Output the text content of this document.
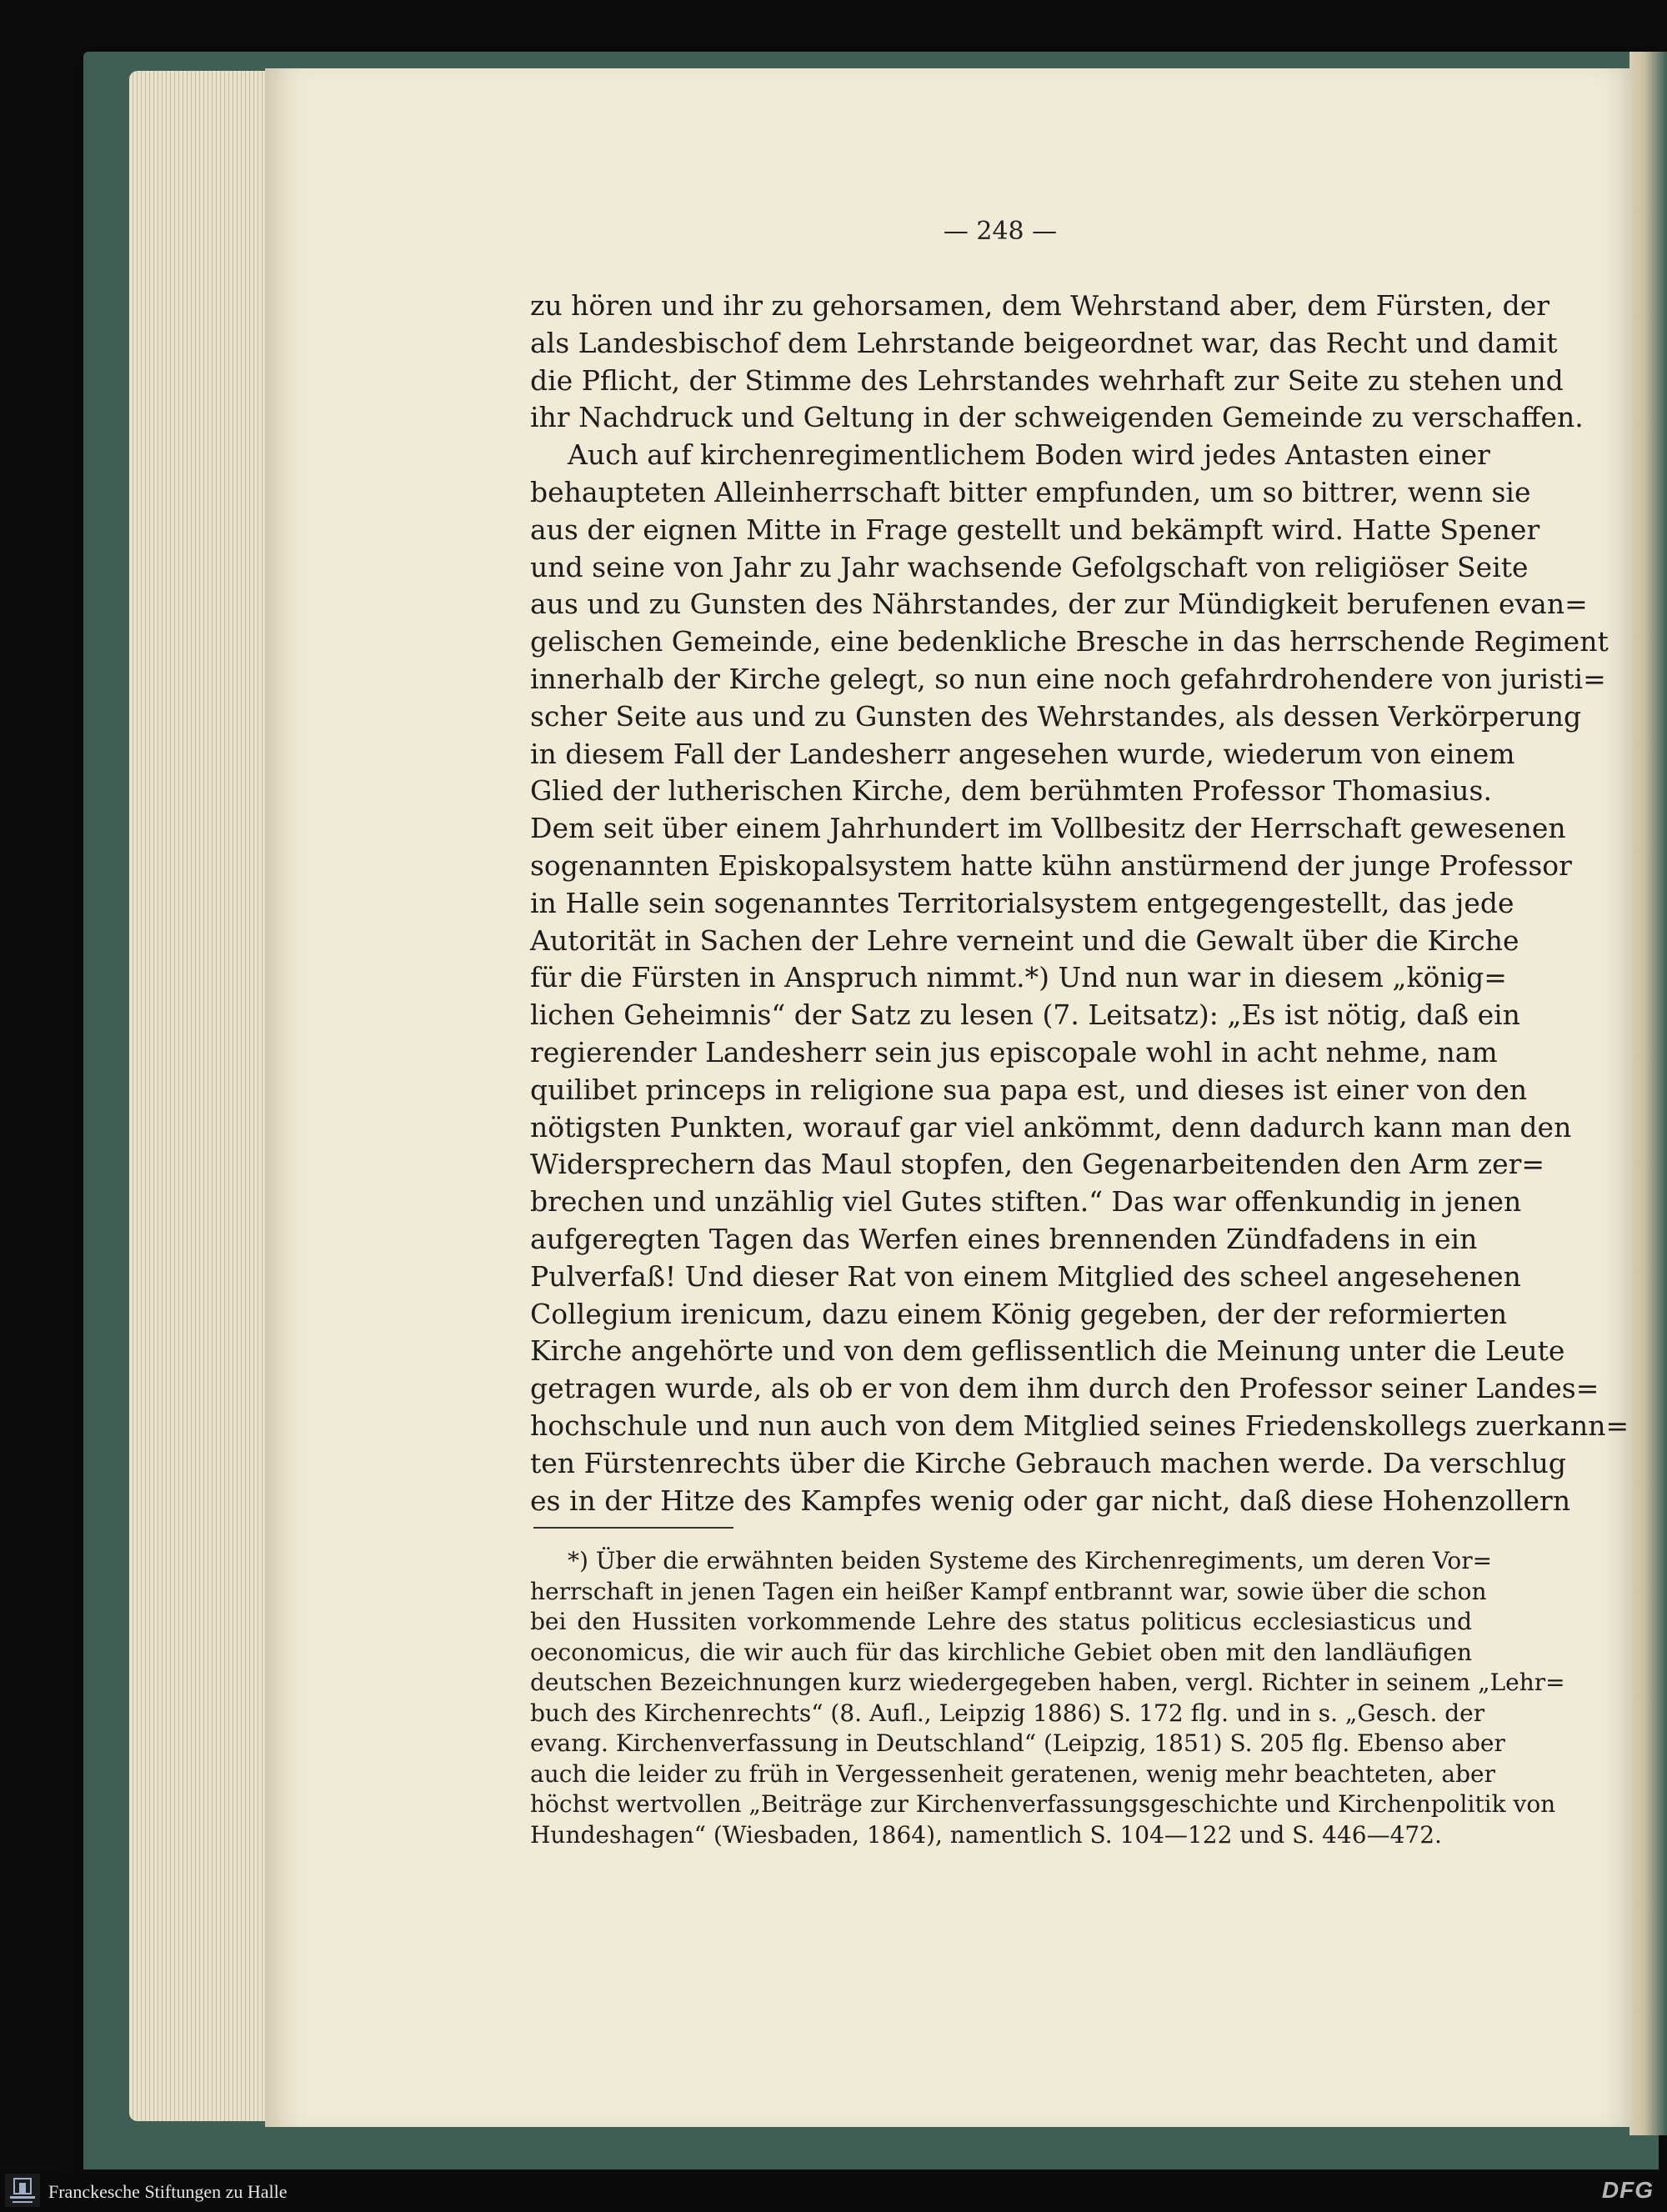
— 248 —
zu hören und ihr zu gehorsamen, dem Wehrstand aber, dem Fürsten, der
als Landesbischof dem Lehrstande beigeordnet war, das Recht und damit
die Pflicht, der Stimme des Lehrstandes wehrhaft zur Seite zu stehen und
ihr Nachdruck und Geltung in der schweigenden Gemeinde zu verschaffen.
Auch auf kirchenregimentlichem Boden wird jedes Antasten einer
behaupteten Alleinherrschaft bitter empfunden, um so bittrer, wenn sie
aus der eignen Mitte in Frage gestellt und bekämpft wird. Hatte Spener
und seine von Jahr zu Jahr wachsende Gefolgschaft von religiöser Seite
aus und zu Gunsten des Nährstandes, der zur Mündigkeit berufenen evan=
gelischen Gemeinde, eine bedenkliche Bresche in das herrschende Regiment
innerhalb der Kirche gelegt, so nun eine noch gefahrdrohendere von juristi=
scher Seite aus und zu Gunsten des Wehrstandes, als dessen Verkörperung
in diesem Fall der Landesherr angesehen wurde, wiederum von einem
Glied der lutherischen Kirche, dem berühmten Professor Thomasius.
Dem seit über einem Jahrhundert im Vollbesitz der Herrschaft gewesenen
sogenannten Episkopalsystem hatte kühn anstürmend der junge Professor
in Halle sein sogenanntes Territorialsystem entgegengestellt, das jede
Autorität in Sachen der Lehre verneint und die Gewalt über die Kirche
für die Fürsten in Anspruch nimmt.*) Und nun war in diesem „könig=
lichen Geheimnis“ der Satz zu lesen (7. Leitsatz): „Es ist nötig, daß ein
regierender Landesherr sein jus episcopale wohl in acht nehme, nam
quilibet princeps in religione sua papa est, und dieses ist einer von den
nötigsten Punkten, worauf gar viel ankömmt, denn dadurch kann man den
Widersprechern das Maul stopfen, den Gegenarbeitenden den Arm zer=
brechen und unzählig viel Gutes stiften.“ Das war offenkundig in jenen
aufgeregten Tagen das Werfen eines brennenden Zündfadens in ein
Pulverfaß! Und dieser Rat von einem Mitglied des scheel angesehenen
Collegium irenicum, dazu einem König gegeben, der der reformierten
Kirche angehörte und von dem geflissentlich die Meinung unter die Leute
getragen wurde, als ob er von dem ihm durch den Professor seiner Landes=
hochschule und nun auch von dem Mitglied seines Friedenskollegs zuerkann=
ten Fürstenrechts über die Kirche Gebrauch machen werde. Da verschlug
es in der Hitze des Kampfes wenig oder gar nicht, daß diese Hohenzollern
*) Über die erwähnten beiden Systeme des Kirchenregiments, um deren Vor=
herrschaft in jenen Tagen ein heißer Kampf entbrannt war, sowie über die schon
bei den Hussiten vorkommende Lehre des status politicus ecclesiasticus und
oeconomicus, die wir auch für das kirchliche Gebiet oben mit den landläufigen
deutschen Bezeichnungen kurz wiedergegeben haben, vergl. Richter in seinem „Lehr=
buch des Kirchenrechts“ (8. Aufl., Leipzig 1886) S. 172 flg. und in s. „Gesch. der
evang. Kirchenverfassung in Deutschland“ (Leipzig, 1851) S. 205 flg. Ebenso aber
auch die leider zu früh in Vergessenheit geratenen, wenig mehr beachteten, aber
höchst wertvollen „Beiträge zur Kirchenverfassungsgeschichte und Kirchenpolitik von
Hundeshagen“ (Wiesbaden, 1864), namentlich S. 104—122 und S. 446—472.
Franckesche Stiftungen zu Halle	DFG
